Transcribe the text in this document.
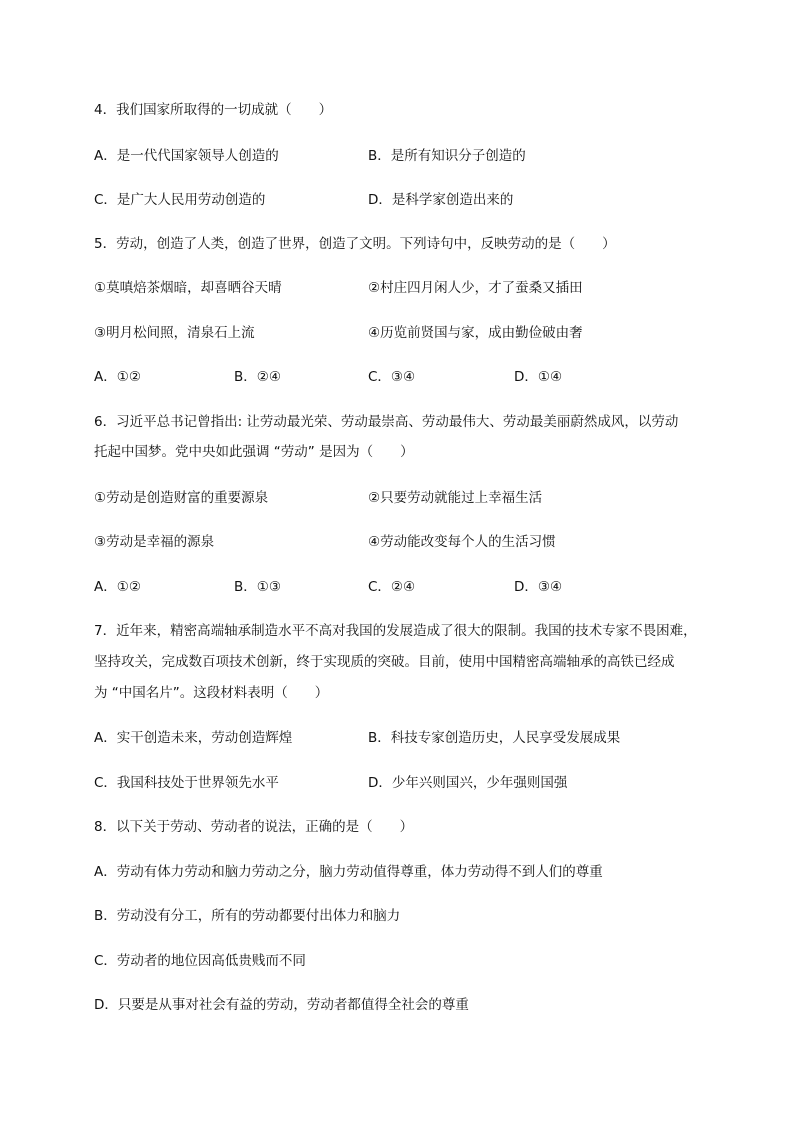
4．我们国家所取得的一切成就（　　）
A．是一代代国家领导人创造的	B．是所有知识分子创造的
C．是广大人民用劳动创造的	D．是科学家创造出来的
5．劳动，创造了人类，创造了世界，创造了文明。下列诗句中，反映劳动的是（　　）
①莫嗔焙茶烟暗，却喜晒谷天晴	②村庄四月闲人少，才了蚕桑又插田
③明月松间照，清泉石上流	④历览前贤国与家，成由勤俭破由奢
A．①②	B．②④	C．③④	D．①④
6．习近平总书记曾指出: 让劳动最光荣、劳动最崇高、劳动最伟大、劳动最美丽蔚然成风，以劳动
托起中国梦。党中央如此强调 “劳动” 是因为（　　）
①劳动是创造财富的重要源泉	②只要劳动就能过上幸福生活
③劳动是幸福的源泉	④劳动能改变每个人的生活习惯
A．①②	B．①③	C．②④	D．③④
7．近年来，精密高端轴承制造水平不高对我国的发展造成了很大的限制。我国的技术专家不畏困难，
坚持攻关，完成数百项技术创新，终于实现质的突破。目前，使用中国精密高端轴承的高铁已经成
为 “中国名片”。这段材料表明（　　）
A．实干创造未来，劳动创造辉煌	B．科技专家创造历史，人民享受发展成果
C．我国科技处于世界领先水平	D．少年兴则国兴，少年强则国强
8．以下关于劳动、劳动者的说法，正确的是（　　）
A．劳动有体力劳动和脑力劳动之分，脑力劳动值得尊重，体力劳动得不到人们的尊重
B．劳动没有分工，所有的劳动都要付出体力和脑力
C．劳动者的地位因高低贵贱而不同
D．只要是从事对社会有益的劳动，劳动者都值得全社会的尊重
